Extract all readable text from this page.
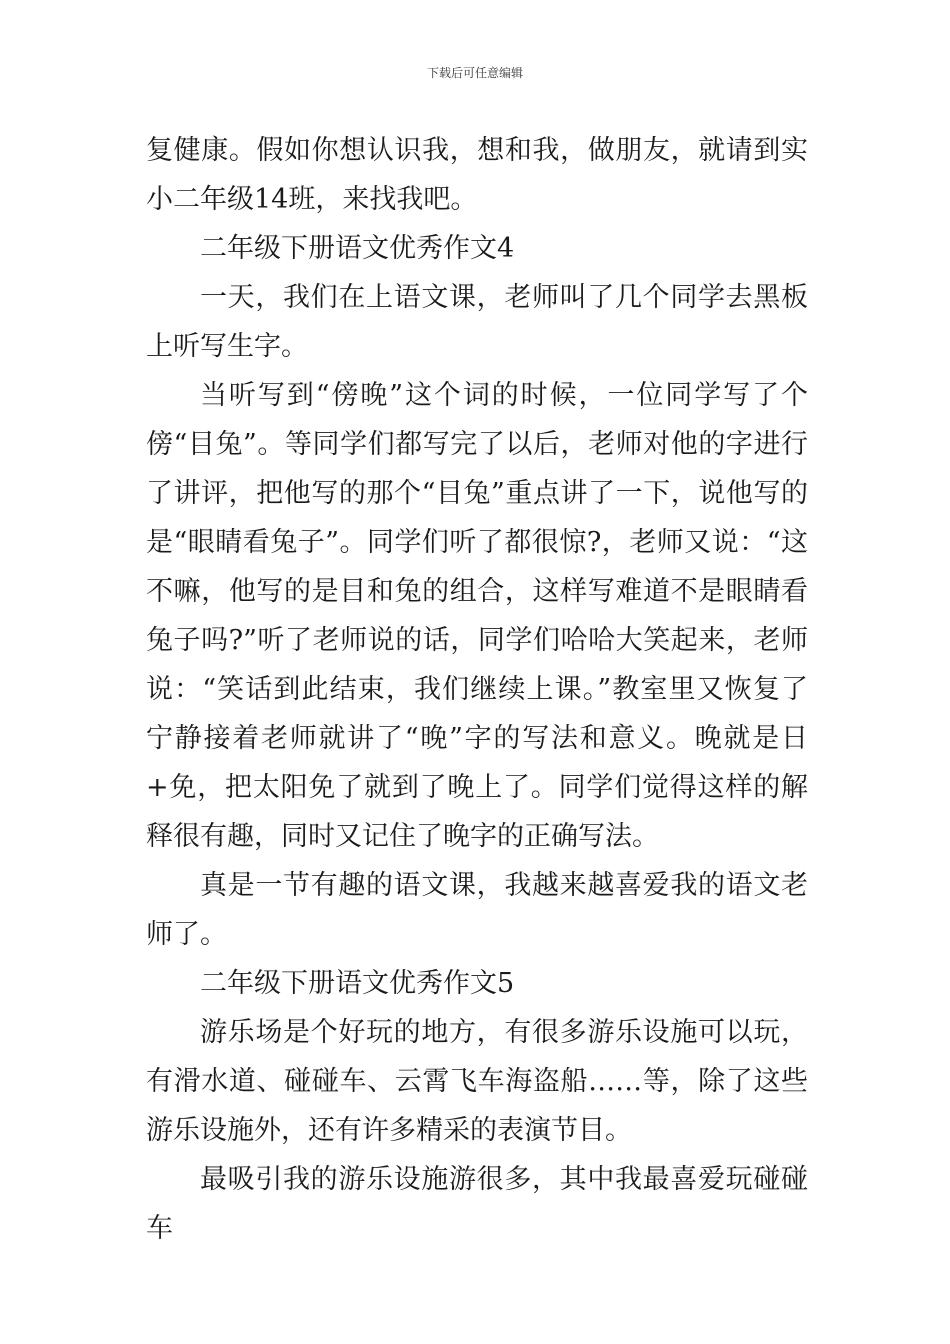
下载后可任意编辑

复健康。假如你想认识我，想和我，做朋友，就请到实小二年级14班，来找我吧。

二年级下册语文优秀作文4

一天，我们在上语文课，老师叫了几个同学去黑板上听写生字。

当听写到“傍晚”这个词的时候，一位同学写了个傍“目兔”。等同学们都写完了以后，老师对他的字进行了讲评，把他写的那个“目兔”重点讲了一下，说他写的是“眼睛看兔子”。同学们听了都很惊?，老师又说：“这不嘛，他写的是目和兔的组合，这样写难道不是眼睛看兔子吗?”听了老师说的话，同学们哈哈大笑起来，老师说：“笑话到此结束，我们继续上课。”教室里又恢复了宁静接着老师就讲了“晚”字的写法和意义。晚就是日+免，把太阳免了就到了晚上了。同学们觉得这样的解释很有趣，同时又记住了晚字的正确写法。

真是一节有趣的语文课，我越来越喜爱我的语文老师了。

二年级下册语文优秀作文5

游乐场是个好玩的地方，有很多游乐设施可以玩，有滑水道、碰碰车、云霄飞车海盗船……等，除了这些游乐设施外，还有许多精采的表演节目。

最吸引我的游乐设施游很多，其中我最喜爱玩碰碰车
